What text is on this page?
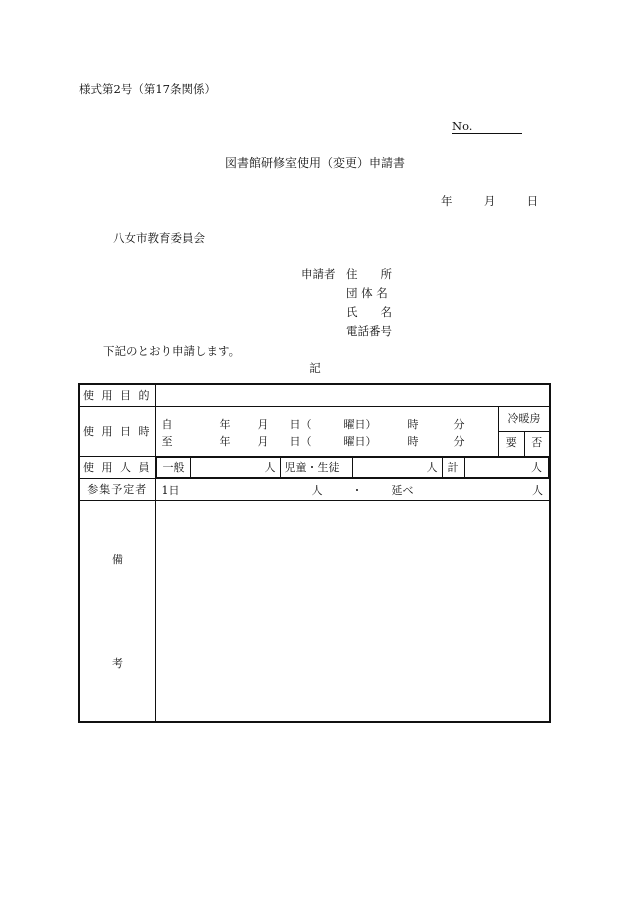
様式第2号（第17条関係）
No.
図書館研修室使用（変更）申請書
年	月	日
八女市教育委員会
申請者 住　　所
団 体 名
氏　　名
電話番号
下記のとおり申請します。
記
使 用 目 的	
使 用 日 時	
自	年 月 日（	曜日）	時	分
至	年 月 日（	曜日）	時	分
冷暖房
要	否

使 用 人 員	一般	人	児童・生徒	人	計	人

参集予定者	1日	人	・	延べ	人

備
考
